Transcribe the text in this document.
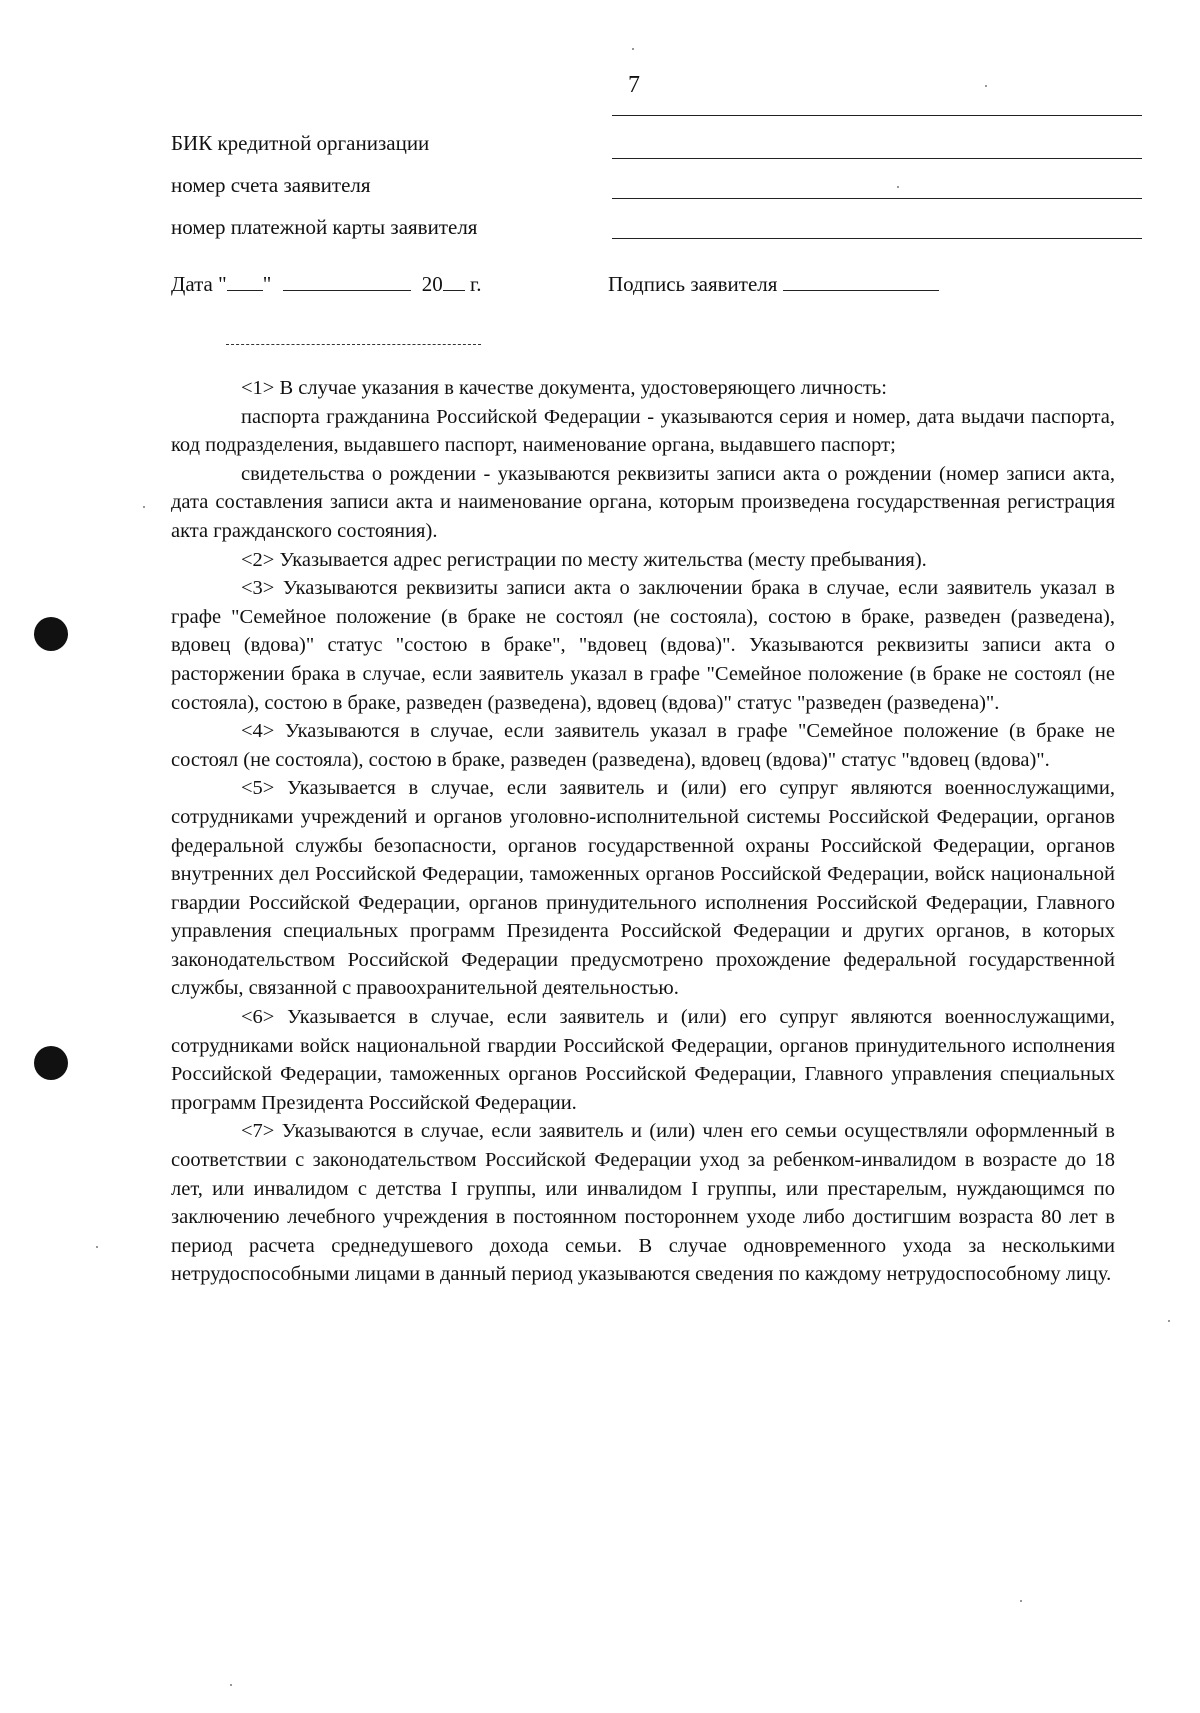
7
БИК кредитной организации
номер счета заявителя
номер платежной карты заявителя
Дата " "	20 г.	Подпись заявителя

<1> В случае указания в качестве документа, удостоверяющего личность:

паспорта гражданина Российской Федерации - указываются серия и номер, дата выдачи паспорта, код подразделения, выдавшего паспорт, наименование органа, выдавшего паспорт;

свидетельства о рождении - указываются реквизиты записи акта о рождении (номер записи акта, дата составления записи акта и наименование органа, которым произведена государственная регистрация акта гражданского состояния).

<2> Указывается адрес регистрации по месту жительства (месту пребывания).

<3> Указываются реквизиты записи акта о заключении брака в случае, если заявитель указал в графе "Семейное положение (в браке не состоял (не состояла), состою в браке, разведен (разведена), вдовец (вдова)" статус "состою в браке", "вдовец (вдова)". Указываются реквизиты записи акта о расторжении брака в случае, если заявитель указал в графе "Семейное положение (в браке не состоял (не состояла), состою в браке, разведен (разведена), вдовец (вдова)" статус "разведен (разведена)".

<4> Указываются в случае, если заявитель указал в графе "Семейное положение (в браке не состоял (не состояла), состою в браке, разведен (разведена), вдовец (вдова)" статус "вдовец (вдова)".

<5> Указывается в случае, если заявитель и (или) его супруг являются военнослужащими, сотрудниками учреждений и органов уголовно-исполнительной системы Российской Федерации, органов федеральной службы безопасности, органов государственной охраны Российской Федерации, органов внутренних дел Российской Федерации, таможенных органов Российской Федерации, войск национальной гвардии Российской Федерации, органов принудительного исполнения Российской Федерации, Главного управления специальных программ Президента Российской Федерации и других органов, в которых законодательством Российской Федерации предусмотрено прохождение федеральной государственной службы, связанной с правоохранительной деятельностью.

<6> Указывается в случае, если заявитель и (или) его супруг являются военнослужащими, сотрудниками войск национальной гвардии Российской Федерации, органов принудительного исполнения Российской Федерации, таможенных органов Российской Федерации, Главного управления специальных программ Президента Российской Федерации.

<7> Указываются в случае, если заявитель и (или) член его семьи осуществляли оформленный в соответствии с законодательством Российской Федерации уход за ребенком-инвалидом в возрасте до 18 лет, или инвалидом с детства I группы, или инвалидом I группы, или престарелым, нуждающимся по заключению лечебного учреждения в постоянном постороннем уходе либо достигшим возраста 80 лет в период расчета среднедушевого дохода семьи. В случае одновременного ухода за несколькими нетрудоспособными лицами в данный период указываются сведения по каждому нетрудоспособному лицу.
